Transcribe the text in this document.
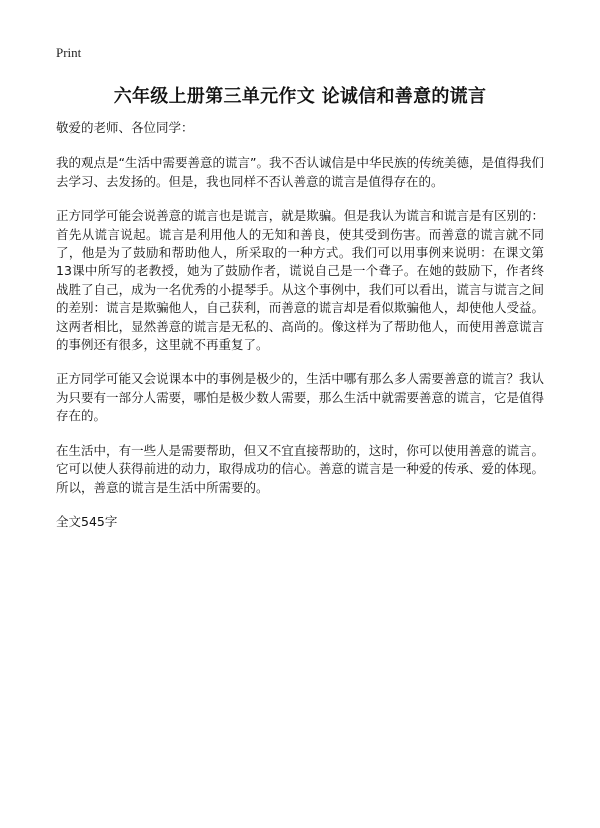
Print
六年级上册第三单元作文 论诚信和善意的谎言

敬爱的老师、各位同学：

我的观点是“生活中需要善意的谎言”。我不否认诚信是中华民族的传统美德，是值得我们去学习、去发扬的。但是，我也同样不否认善意的谎言是值得存在的。

正方同学可能会说善意的谎言也是谎言，就是欺骗。但是我认为谎言和谎言是有区别的：首先从谎言说起。谎言是利用他人的无知和善良，使其受到伤害。而善意的谎言就不同了，他是为了鼓励和帮助他人，所采取的一种方式。我们可以用事例来说明：在课文第13课中所写的老教授，她为了鼓励作者，谎说自己是一个聋子。在她的鼓励下，作者终战胜了自己，成为一名优秀的小提琴手。从这个事例中，我们可以看出，谎言与谎言之间的差别：谎言是欺骗他人，自己获利，而善意的谎言却是看似欺骗他人，却使他人受益。这两者相比，显然善意的谎言是无私的、高尚的。像这样为了帮助他人，而使用善意谎言的事例还有很多，这里就不再重复了。

正方同学可能又会说课本中的事例是极少的，生活中哪有那么多人需要善意的谎言？我认为只要有一部分人需要，哪怕是极少数人需要，那么生活中就需要善意的谎言，它是值得存在的。

在生活中，有一些人是需要帮助，但又不宜直接帮助的，这时，你可以使用善意的谎言。它可以使人获得前进的动力，取得成功的信心。善意的谎言是一种爱的传承、爱的体现。所以，善意的谎言是生活中所需要的。

全文545字
